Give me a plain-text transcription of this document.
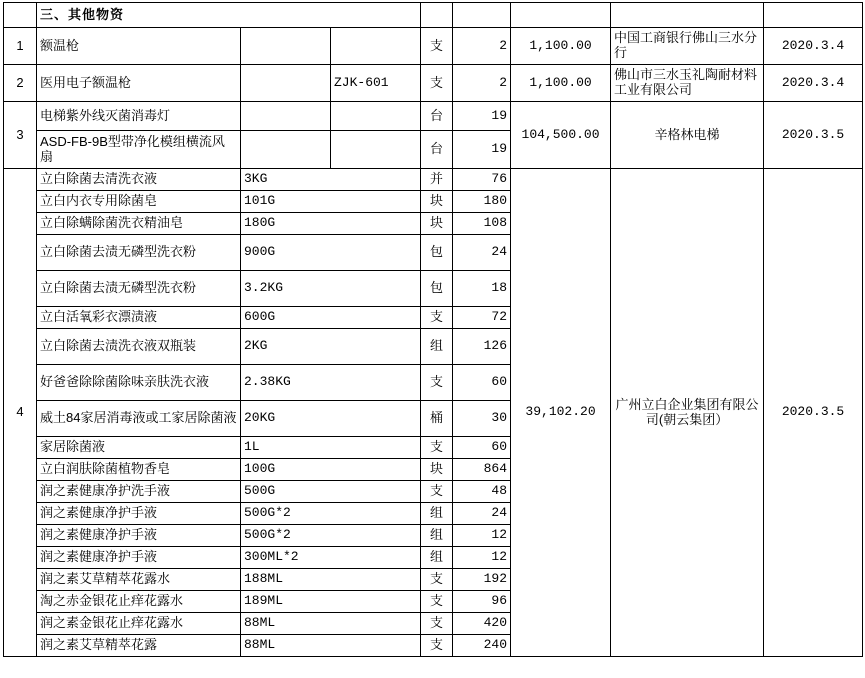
	三、其他物资							
1	额温枪			支	2	1,100.00	中国工商银行佛山三水分行	2020.3.4
2	医用电子额温枪		ZJK-601	支	2	1,100.00	佛山市三水玉礼陶耐材料工业有限公司	2020.3.4
3	电梯紫外线灭菌消毒灯			台	19	104,500.00	辛格林电梯	2020.3.5
	ASD-FB-9B型带净化模组横流风扇			台	19			
4	立白除菌去清洗衣液	3KG		并	76	39,102.20	广州立白企业集团有限公司(朝云集团）	2020.3.5
	立白内衣专用除菌皂	101G		块	180			
	立白除螨除菌洗衣精油皂	180G		块	108			
	立白除菌去渍无磷型洗衣粉	900G		包	24			
	立白除菌去渍无磷型洗衣粉	3.2KG		包	18			
	立白活氧彩衣漂渍液	600G		支	72			
	立白除菌去渍洗衣液双瓶装	2KG		组	126			
	好爸爸除除菌除味亲肤洗衣液	2.38KG		支	60			
	威土84家居消毒液或工家居除菌液	20KG		桶	30			
	家居除菌液	1L		支	60			
	立白润肤除菌植物香皂	100G		块	864			
	润之素健康净护洗手液	500G		支	48			
	润之素健康净护手液	500G*2		组	24			
	润之素健康净护手液	500G*2		组	12			
	润之素健康净护手液	300ML*2		组	12			
	润之素艾草精萃花露水	188ML		支	192			
	淘之赤金银花止痒花露水	189ML		支	96			
	润之素金银花止痒花露水	88ML		支	420			
	润之素艾草精萃花露	88ML		支	240			
